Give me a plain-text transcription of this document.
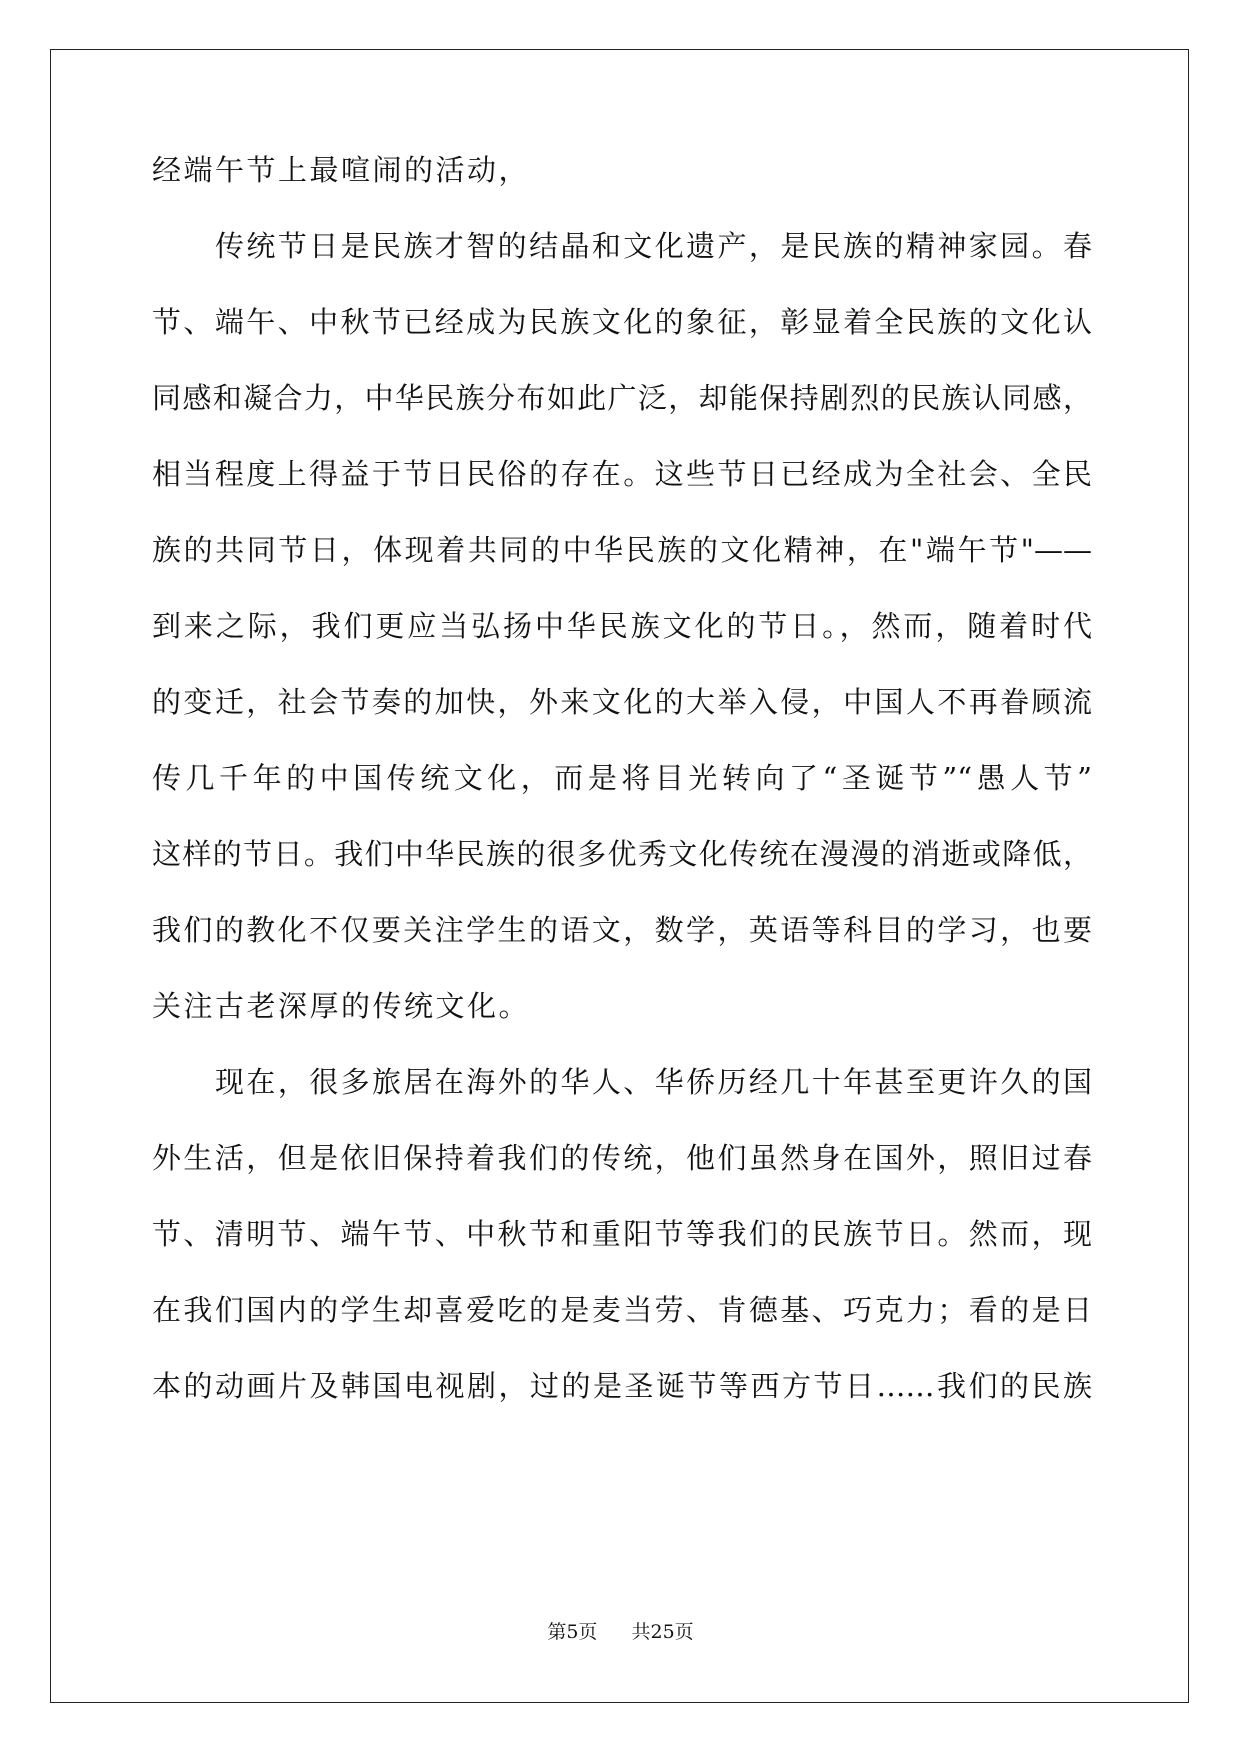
经端午节上最喧闹的活动，
传统节日是民族才智的结晶和文化遗产，是民族的精神家园。春
节、端午、中秋节已经成为民族文化的象征，彰显着全民族的文化认
同感和凝合力，中华民族分布如此广泛，却能保持剧烈的民族认同感，
相当程度上得益于节日民俗的存在。这些节日已经成为全社会、全民
族的共同节日，体现着共同的中华民族的文化精神，在"端午节"——
到来之际，我们更应当弘扬中华民族文化的节日。，然而，随着时代
的变迁，社会节奏的加快，外来文化的大举入侵，中国人不再眷顾流
传几千年的中国传统文化，而是将目光转向了“圣诞节”“愚人节”
这样的节日。我们中华民族的很多优秀文化传统在漫漫的消逝或降低，
我们的教化不仅要关注学生的语文，数学，英语等科目的学习，也要
关注古老深厚的传统文化。
现在，很多旅居在海外的华人、华侨历经几十年甚至更许久的国
外生活，但是依旧保持着我们的传统，他们虽然身在国外，照旧过春
节、清明节、端午节、中秋节和重阳节等我们的民族节日。然而，现
在我们国内的学生却喜爱吃的是麦当劳、肯德基、巧克力；看的是日
本的动画片及韩国电视剧，过的是圣诞节等西方节日……我们的民族
第5页 共25页
